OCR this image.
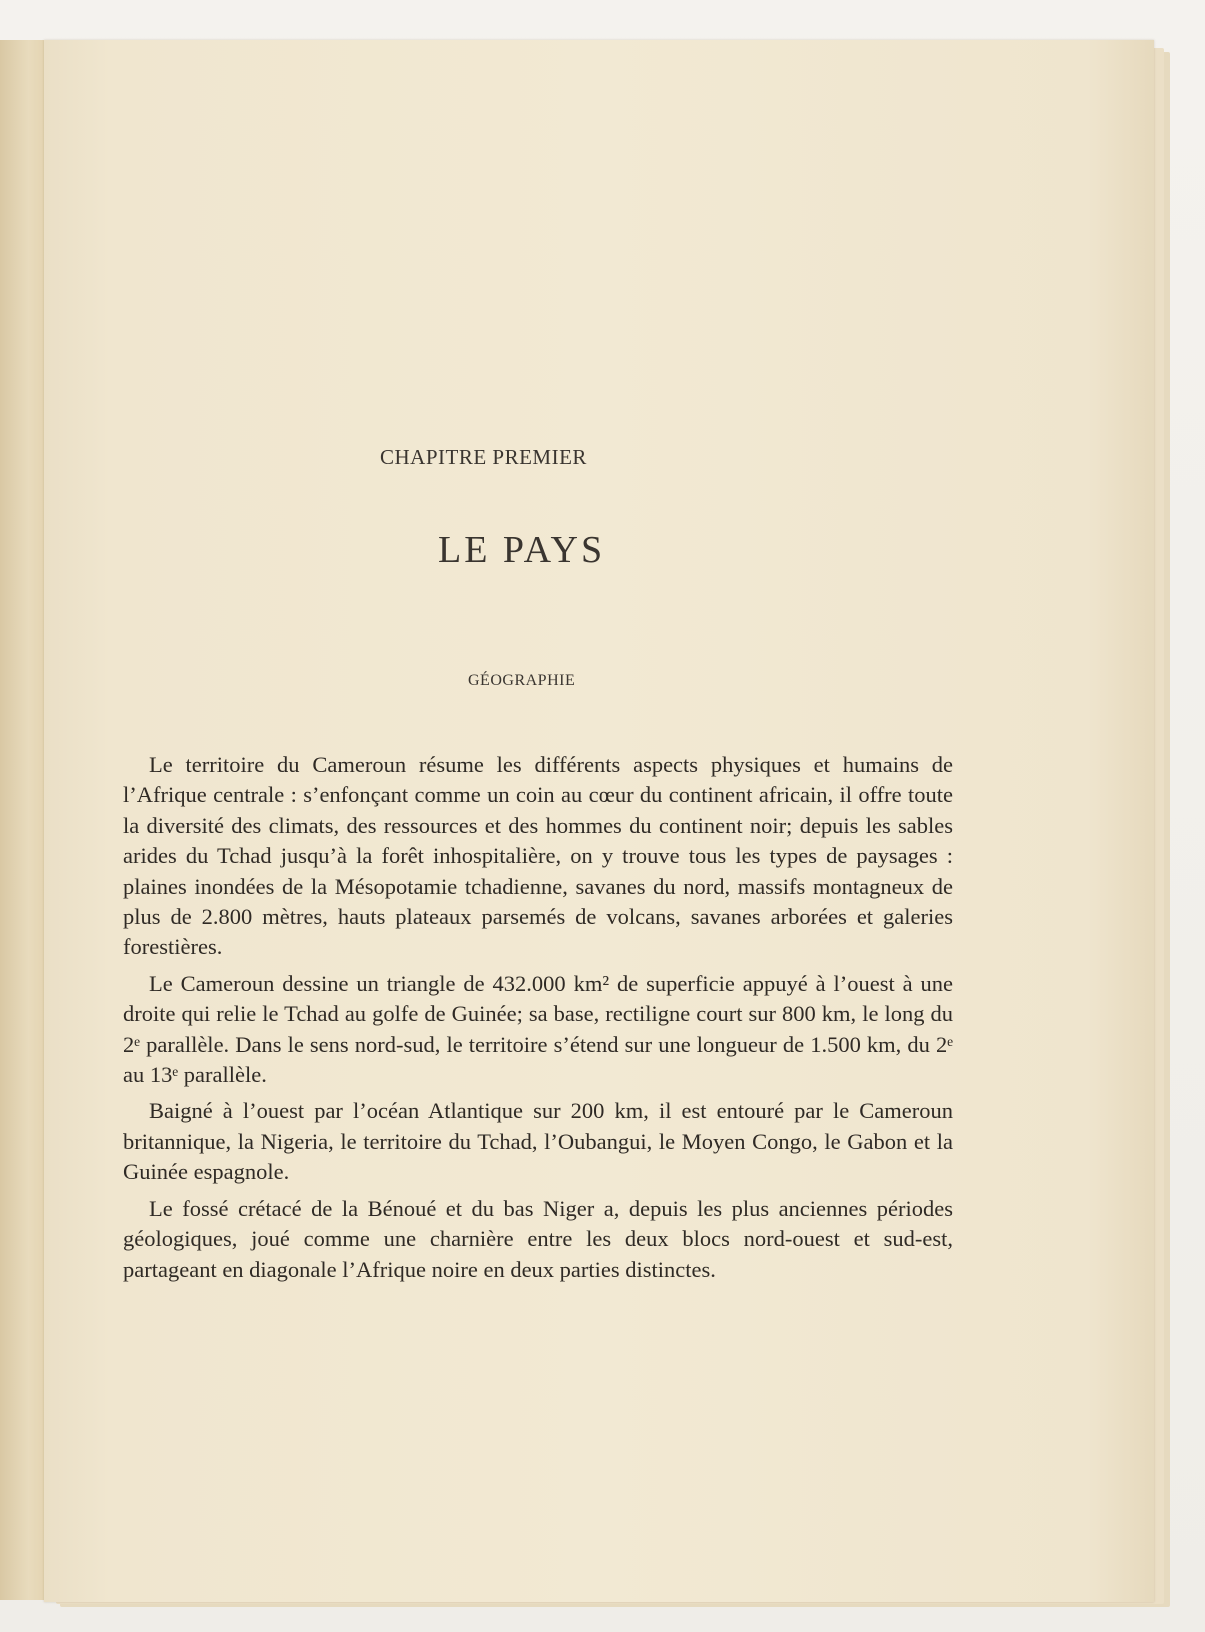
CHAPITRE PREMIER
LE PAYS
GÉOGRAPHIE

Le territoire du Cameroun résume les différents aspects physiques et humains de l’Afrique centrale : s’enfonçant comme un coin au cœur du continent africain, il offre toute la diversité des climats, des ressources et des hommes du continent noir; depuis les sables arides du Tchad jusqu’à la forêt inhospitalière, on y trouve tous les types de paysages : plaines inondées de la Mésopotamie tchadienne, savanes du nord, massifs montagneux de plus de 2.800 mètres, hauts plateaux parsemés de volcans, savanes arborées et galeries forestières.

Le Cameroun dessine un triangle de 432.000 km² de superficie appuyé à l’ouest à une droite qui relie le Tchad au golfe de Guinée; sa base, rectiligne court sur 800 km, le long du 2ᵉ parallèle. Dans le sens nord-sud, le territoire s’étend sur une longueur de 1.500 km, du 2ᵉ au 13ᵉ parallèle.

Baigné à l’ouest par l’océan Atlantique sur 200 km, il est entouré par le Cameroun britannique, la Nigeria, le territoire du Tchad, l’Oubangui, le Moyen Congo, le Gabon et la Guinée espagnole.

Le fossé crétacé de la Bénoué et du bas Niger a, depuis les plus anciennes périodes géologiques, joué comme une charnière entre les deux blocs nord-ouest et sud-est, partageant en diagonale l’Afrique noire en deux parties distinctes.
